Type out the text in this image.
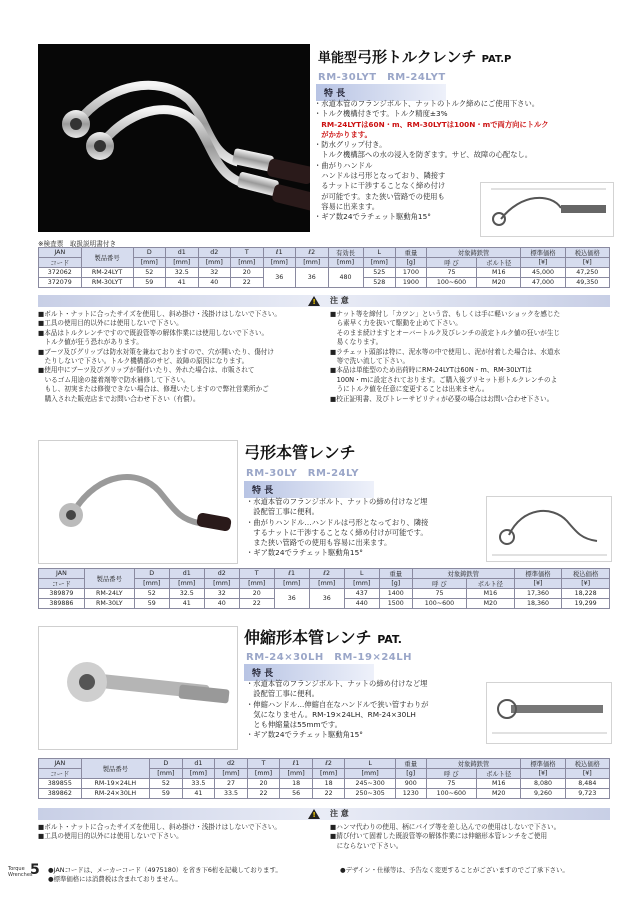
単能型弓形トルクレンチ PAT.P
RM-30LYT　RM-24LYT
特 長
・水道本管のフランジボルト、ナットのトルク締めにご使用下さい。
・トルク機構付きです。トルク精度±3%
　RM-24LYTは60N・m、RM-30LYTは100N・mで両方向にトルク
　がかかります。
・防水グリップ付き。
　トルク機構部への水の浸入を防ぎます。サビ、故障の心配なし。
・曲がりハンドル
　ハンドルは弓形となっており、隣接す
　るナットに干渉することなく締め付け
　が可能です。また狭い管路での使用も
　容易に出来ます。
・ギア数24でラチェット駆動角15°
※検査票　取扱説明書付き
JAN	製品番号	D	d1	d2	T	ℓ1	ℓ2	有効長	L	重量	対象鋳鉄管		標準価格	税込価格
コード		[mm]	[mm]	[mm]	[mm]	[mm]	[mm]	[mm]	[mm]	[g]	呼 び	ボルト径	[¥]	[¥]
372062	RM-24LYT	52	32.5	32	20	36	36	480	525	1700	75	M16	45,000	47,250
372079	RM-30LYT	59	41	40	22				528	1900	100~600	M20	47,000	49,350
!
注 意
■ボルト・ナットに合ったサイズを使用し、斜め掛け・浅掛けはしないで下さい。
■工具の使用目的以外には使用しないで下さい。
■本品はトルクレンチですので既設管等の解体作業には使用しないで下さい。
　トルク値が狂う恐れがあります。
■ブーツ及びグリップは防水対策を兼ねておりますので、穴が開いたり、傷付け
　たりしないで下さい。トルク機構部のサビ、故障の原因になります。
■使用中にブーツ及びグリップが傷付いたり、外れた場合は、市販されて
　いるゴム用途の接着剤等で防水補修して下さい。
　もし、初実または修復できない場合は、修理いたしますので弊社営業所かご
　購入された販売店までお問い合わせ下さい（有償）。
■ナット等を締付し「カツン」という音、もしくは手に軽いショックを感じた
　ら素早く力を抜いて駆動を止めて下さい。
　そのまま続けますとオーバートルク及びレンチの設定トルク値の狂いが生じ
　易くなります。
■ラチェット頭部は特に、泥水等の中で使用し、泥が付着した場合は、水道水
　等で洗い流して下さい。
■本品は単能型のため出荷時にRM-24LYTは60N・m、RM-30LYTは
　100N・mに設定されております。ご購入後プリセット形トルクレンチのよ
　うにトルク値を任意に変更することは出来ません。
■校正証明書、及びトレーサビリティが必要の場合はお問い合わせ下さい。
弓形本管レンチ
RM-30LY　RM-24LY
特 長
・水道本管のフランジボルト、ナットの締め付けなど埋
　設配管工事に便利。
・曲がりハンドル…ハンドルは弓形となっており、隣接
　するナットに干渉することなく締め付けが可能です。
　また狭い管路での使用も容易に出来ます。
・ギア数24でラチェット駆動角15°
JAN	製品番号	D	d1	d2	T	ℓ1	ℓ2	L	重量	対象鋳鉄管		標準価格	税込価格
コード		[mm]	[mm]	[mm]	[mm]	[mm]	[mm]	[mm]	[g]	呼 び	ボルト径	[¥]	[¥]
389879	RM-24LY	52	32.5	32	20	36	36	437	1400	75	M16	17,360	18,228
389886	RM-30LY	59	41	40	22			440	1500	100~600	M20	18,360	19,299
伸縮形本管レンチ PAT.
RM-24×30LH　RM-19×24LH
特 長
・水道本管のフランジボルト、ナットの締め付けなど埋
　設配管工事に便利。
・伸縮ハンドル…伸縮自在なハンドルで狭い管すわりが
　気になりません。RM-19×24LH、RM-24×30LH
　とも伸縮量は55mmです。
・ギア数24でラチェット駆動角15°
JAN	製品番号	D	d1	d2	T	ℓ1	ℓ2	L	重量	対象鋳鉄管		標準価格	税込価格
コード		[mm]	[mm]	[mm]	[mm]	[mm]	[mm]	[mm]	[g]	呼 び	ボルト径	[¥]	[¥]
389855	RM-19×24LH	52	33.5	27	20	18	18	245~300	900	75	M16	8,080	8,484
389862	RM-24×30LH	59	41	33.5	22	56	22	250~305	1230	100~600	M20	9,260	9,723
!
注 意
■ボルト・ナットに合ったサイズを使用し、斜め掛け・浅掛けはしないで下さい。
■工具の使用目的以外には使用しないで下さい。
■ハンマ代わりの使用、柄にパイプ等を差し込んでの使用はしないで下さい。
■錆び付いて固着した既設管等の解体作業には伸縮形本管レンチをご使用
　にならないで下さい。
Torque
Wrenches
5 ●JANコードは、メーカーコード（4975180）を省き下6桁を記載しております。
●標準価格には消費税は含まれておりません。
●デザイン・仕様等は、予告なく変更することがございますのでご了承下さい。
